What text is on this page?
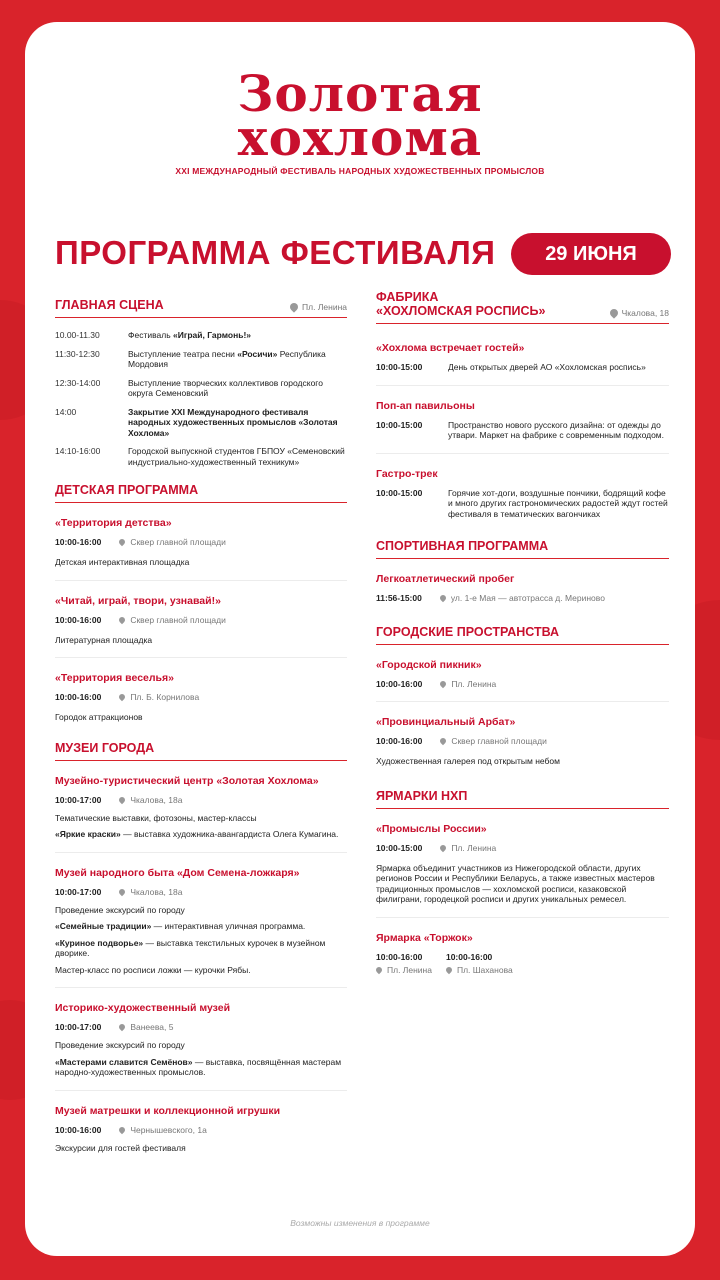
Золотая
хохлома
XXI МЕЖДУНАРОДНЫЙ ФЕСТИВАЛЬ НАРОДНЫХ ХУДОЖЕСТВЕННЫХ ПРОМЫСЛОВ
ПРОГРАММА ФЕСТИВАЛЯ	29 ИЮНЯ
ГЛАВНАЯ СЦЕНА	Пл. Ленина
10.00-11.30	Фестиваль «Играй, Гармонь!»
11:30-12:30	Выступление театра песни «Росичи» Республика Мордовия
12:30-14:00	Выступление творческих коллективов городского округа Семеновский
14:00	Закрытие XXI Международного фестиваля народных художественных промыслов «Золотая Хохлома»
14:10-16:00	Городской выпускной студентов ГБПОУ «Семеновский индустриально-художественный техникум»
ДЕТСКАЯ ПРОГРАММА
«Территория детства»
10:00-16:00	Сквер главной площади
Детская интерактивная площадка
«Читай, играй, твори, узнавай!»
10:00-16:00	Сквер главной площади
Литературная площадка
«Территория веселья»
10:00-16:00	Пл. Б. Корнилова
Городок аттракционов
МУЗЕИ ГОРОДА
Музейно-туристический центр «Золотая Хохлома»
10:00-17:00	Чкалова, 18а
Тематические выставки, фотозоны, мастер-классы
«Яркие краски» — выставка художника-авангардиста Олега Кумагина.
Музей народного быта «Дом Семена-ложкаря»
10:00-17:00	Чкалова, 18а
Проведение экскурсий по городу
«Семейные традиции» — интерактивная уличная программа.
«Куриное подворье» — выставка текстильных курочек в музейном дворике.
Мастер-класс по росписи ложки — курочки Рябы.
Историко-художественный музей
10:00-17:00	Ванеева, 5
Проведение экскурсий по городу
«Мастерами славится Семёнов» — выставка, посвящённая мастерам народно-художественных промыслов.
Музей матрешки и коллекционной игрушки
10:00-16:00	Чернышевского, 1а
Экскурсии для гостей фестиваля
ФАБРИКА
«ХОХЛОМСКАЯ РОСПИСЬ»	Чкалова, 18
«Хохлома встречает гостей»
10:00-15:00	День открытых дверей АО «Хохломская роспись»
Поп-ап павильоны
10:00-15:00	Пространство нового русского дизайна: от одежды до утвари. Маркет на фабрике с современным подходом.
Гастро-трек
10:00-15:00	Горячие хот-доги, воздушные пончики, бодрящий кофе и много других гастрономических радостей ждут гостей фестиваля в тематических вагончиках
СПОРТИВНАЯ ПРОГРАММА
Легкоатлетический пробег
11:56-15:00	ул. 1-е Мая — автотрасса д. Мериново
ГОРОДСКИЕ ПРОСТРАНСТВА
«Городской пикник»
10:00-16:00	Пл. Ленина
«Провинциальный Арбат»
10:00-16:00	Сквер главной площади
Художественная галерея под открытым небом
ЯРМАРКИ НХП
«Промыслы России»
10:00-15:00	Пл. Ленина
Ярмарка объединит участников из Нижегородской области, других регионов России и Республики Беларусь, а также известных мастеров традиционных промыслов — хохломской росписи, казаковской филиграни, городецкой росписи и других уникальных ремесел.
Ярмарка «Торжок»
10:00-16:00
Пл. Ленина
10:00-16:00
Пл. Шаханова
Возможны изменения в программе
